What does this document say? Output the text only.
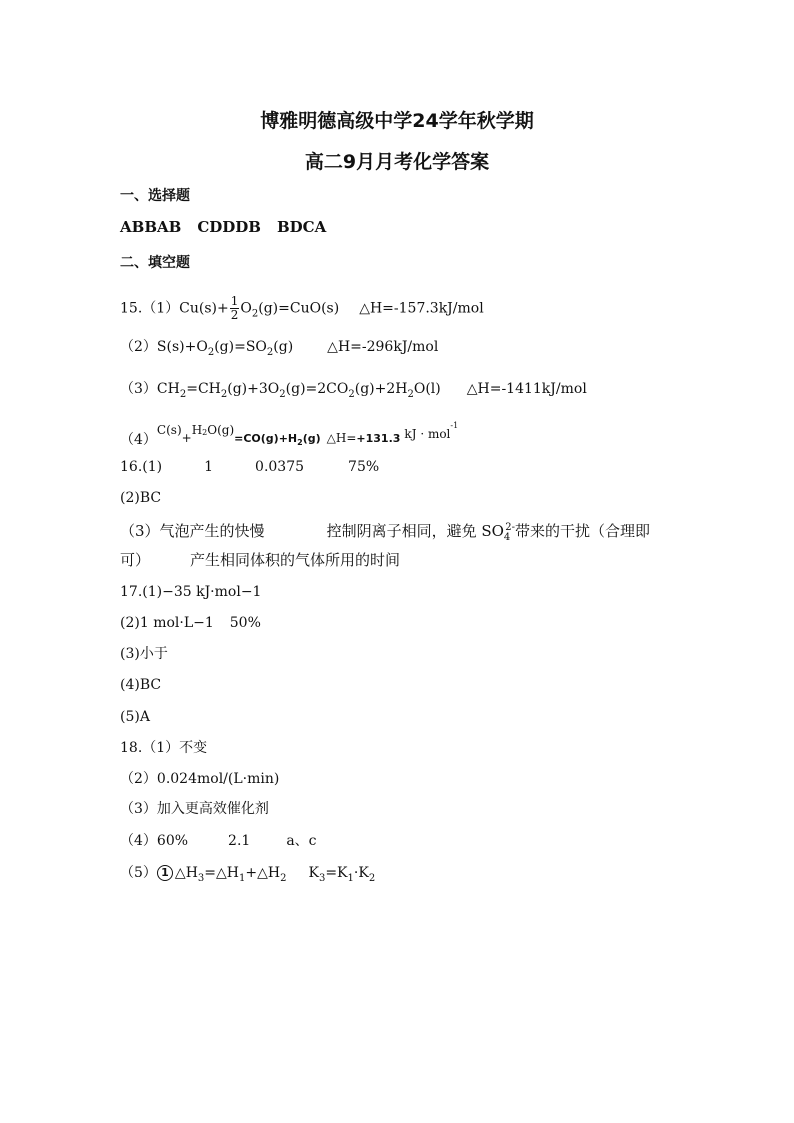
博雅明德高级中学24学年秋学期
高二9月月考化学答案
一、选择题
ABBAB CDDDB BDCA
二、填空题
$15.(1)Cu(s)+ \frac{1}{2} O_2(g)=CuO(s)$ △H=-157.3kJ/mol
$(2)S(s)+O_2(g)=SO_2(g)$ △H=-296kJ/mol
$(3)CH_2=CH_2(g)+3O_2(g)=2CO_2(g)+2H_2O(l)$ △H=-1411kJ/mol
$(4)C(s)+H_2O(g)_{=CO(g)+H2(g)}$ $\triangle H=_{+131.3}$ kJ · mol$^{-1}$
16.(1)	1	0.0375	75%
(2)BC
（3）气泡产生的快慢	控制阴离子相同，避免 $SO_4^{2-}$带来的干扰（合理即
可）	产生相同体积的气体所用的时间
17.(1)−35 kJ·mol−1
(2)1 mol·L−1 50%
(3)小于
(4)BC
(5)A
18.（1）不变
（2）0.024mol/(L·min)
（3）加入更高效催化剂
（4）60%	2.1	a、c
（5） 1 $\triangle H_3=\triangle H_1+\triangle H_2$ $K_3=K_1\cdot K_2$
